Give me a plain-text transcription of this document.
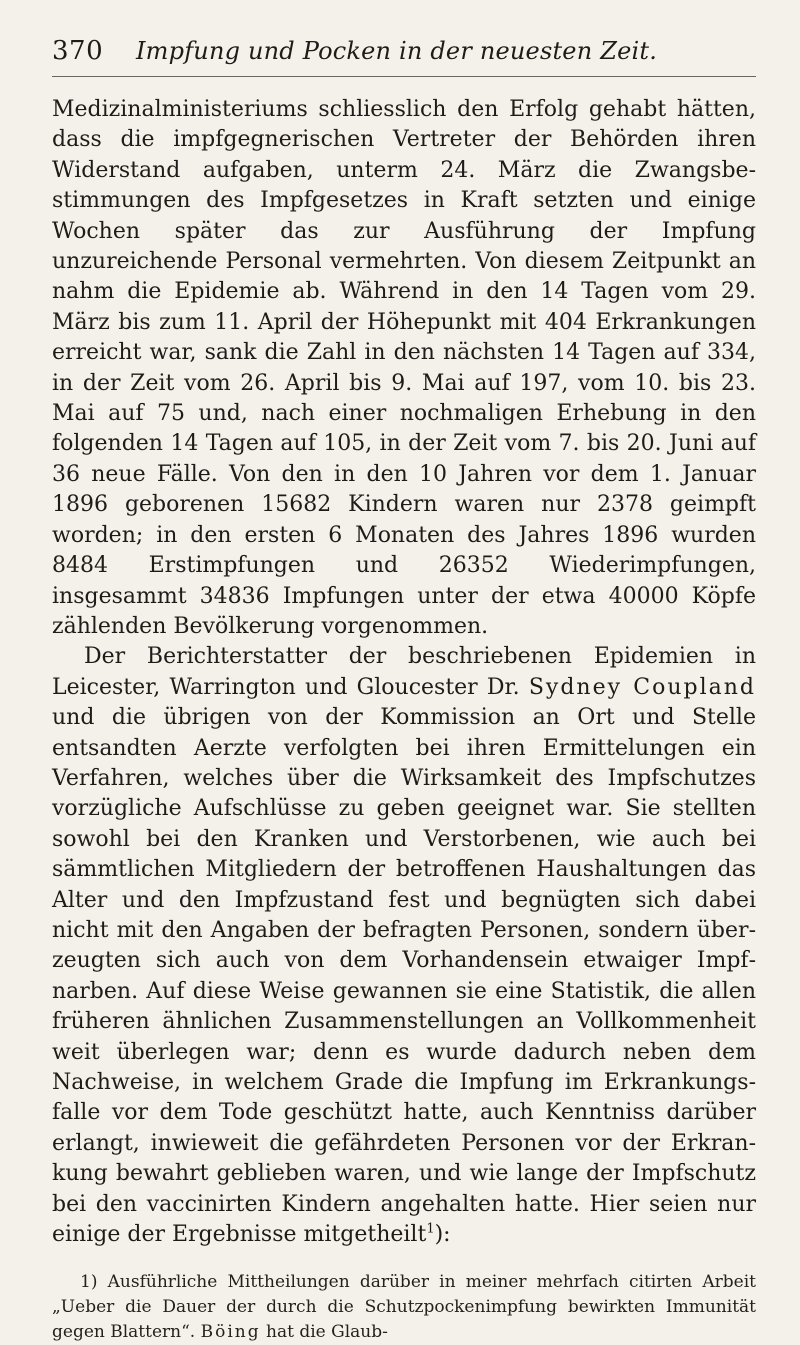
370	Impfung und Pocken in der neuesten Zeit.

Medizinalministeriums schliesslich den Erfolg gehabt hätten, dass die impfgegnerischen Vertreter der Behörden ihren Widerstand aufgaben, unterm 24. März die Zwangsbestimmungen des Impfgesetzes in Kraft setzten und einige Wochen später das zur Ausführung der Impfung unzureichende Personal vermehrten. Von diesem Zeitpunkt an nahm die Epidemie ab. Während in den 14 Tagen vom 29. März bis zum 11. April der Höhepunkt mit 404 Erkrankungen erreicht war, sank die Zahl in den nächsten 14 Tagen auf 334, in der Zeit vom 26. April bis 9. Mai auf 197, vom 10. bis 23. Mai auf 75 und, nach einer nochmaligen Erhebung in den folgenden 14 Tagen auf 105, in der Zeit vom 7. bis 20. Juni auf 36 neue Fälle. Von den in den 10 Jahren vor dem 1. Januar 1896 geborenen 15682 Kindern waren nur 2378 geimpft worden; in den ersten 6 Monaten des Jahres 1896 wurden 8484 Erstimpfungen und 26352 Wiederimpfungen, insgesammt 34836 Impfungen unter der etwa 40000 Köpfe zählenden Bevölkerung vorgenommen.

Der Berichterstatter der beschriebenen Epidemien in Leicester, Warrington und Gloucester Dr. Sydney Coupland und die übrigen von der Kommission an Ort und Stelle entsandten Aerzte verfolgten bei ihren Ermittelungen ein Verfahren, welches über die Wirksamkeit des Impfschutzes vorzügliche Aufschlüsse zu geben geeignet war. Sie stellten sowohl bei den Kranken und Verstorbenen, wie auch bei sämmtlichen Mitgliedern der betroffenen Haushaltungen das Alter und den Impfzustand fest und begnügten sich dabei nicht mit den Angaben der befragten Personen, sondern überzeugten sich auch von dem Vorhandensein etwaiger Impfnarben. Auf diese Weise gewannen sie eine Statistik, die allen früheren ähnlichen Zusammenstellungen an Vollkommenheit weit überlegen war; denn es wurde dadurch neben dem Nachweise, in welchem Grade die Impfung im Erkrankungsfalle vor dem Tode geschützt hatte, auch Kenntniss darüber erlangt, inwieweit die gefährdeten Personen vor der Erkrankung bewahrt geblieben waren, und wie lange der Impfschutz bei den vaccinirten Kindern angehalten hatte. Hier seien nur einige der Ergebnisse mitgetheilt$^1$):

1) Ausführliche Mittheilungen darüber in meiner mehrfach citirten Arbeit „Ueber die Dauer der durch die Schutzpockenimpfung bewirkten Immunität gegen Blattern“. Böing hat die Glaub-
